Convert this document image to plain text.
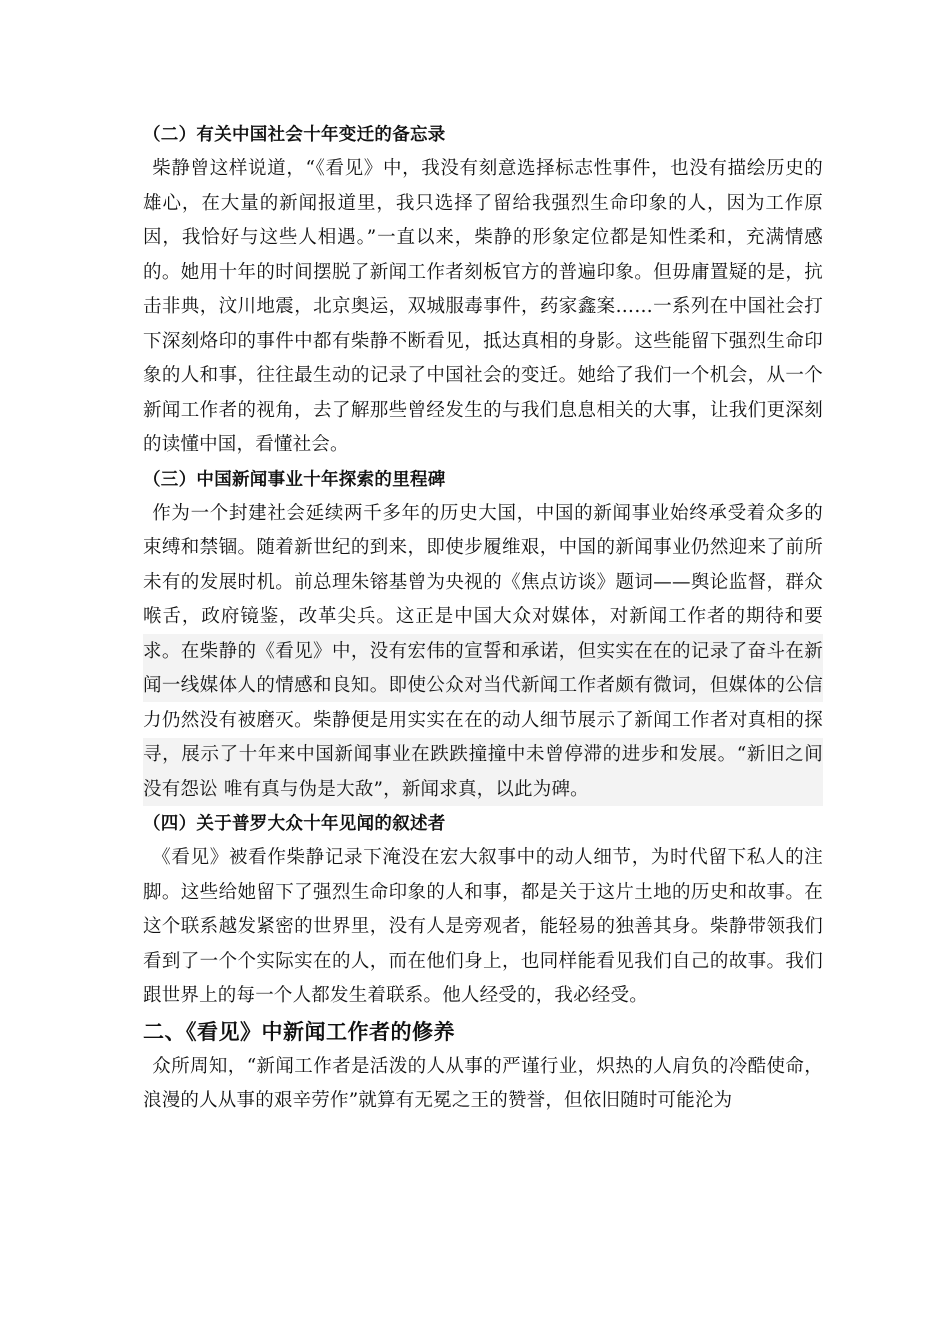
（二）有关中国社会十年变迁的备忘录

柴静曾这样说道，“《看见》中，我没有刻意选择标志性事件，也没有描绘历史的雄心，在大量的新闻报道里，我只选择了留给我强烈生命印象的人，因为工作原因，我恰好与这些人相遇。”一直以来，柴静的形象定位都是知性柔和，充满情感的。她用十年的时间摆脱了新闻工作者刻板官方的普遍印象。但毋庸置疑的是，抗击非典，汶川地震，北京奥运，双城服毒事件，药家鑫案……一系列在中国社会打下深刻烙印的事件中都有柴静不断看见，抵达真相的身影。这些能留下强烈生命印象的人和事，往往最生动的记录了中国社会的变迁。她给了我们一个机会，从一个新闻工作者的视角，去了解那些曾经发生的与我们息息相关的大事，让我们更深刻的读懂中国，看懂社会。

（三）中国新闻事业十年探索的里程碑

作为一个封建社会延续两千多年的历史大国，中国的新闻事业始终承受着众多的束缚和禁锢。随着新世纪的到来，即使步履维艰，中国的新闻事业仍然迎来了前所未有的发展时机。前总理朱镕基曾为央视的《焦点访谈》题词——舆论监督，群众喉舌，政府镜鉴，改革尖兵。这正是中国大众对媒体，对新闻工作者的期待和要求。在柴静的《看见》中，没有宏伟的宣誓和承诺，但实实在在的记录了奋斗在新闻一线媒体人的情感和良知。即使公众对当代新闻工作者颇有微词，但媒体的公信力仍然没有被磨灭。柴静便是用实实在在的动人细节展示了新闻工作者对真相的探寻，展示了十年来中国新闻事业在跌跌撞撞中未曾停滞的进步和发展。“新旧之间没有怨讼 唯有真与伪是大敌”，新闻求真，以此为碑。

（四）关于普罗大众十年见闻的叙述者

《看见》被看作柴静记录下淹没在宏大叙事中的动人细节，为时代留下私人的注脚。这些给她留下了强烈生命印象的人和事，都是关于这片土地的历史和故事。在这个联系越发紧密的世界里，没有人是旁观者，能轻易的独善其身。柴静带领我们看到了一个个实际实在的人，而在他们身上，也同样能看见我们自己的故事。我们跟世界上的每一个人都发生着联系。他人经受的，我必经受。

二、《看见》中新闻工作者的修养

众所周知，“新闻工作者是活泼的人从事的严谨行业，炽热的人肩负的冷酷使命，浪漫的人从事的艰辛劳作”就算有无冕之王的赞誉，但依旧随时可能沦为
